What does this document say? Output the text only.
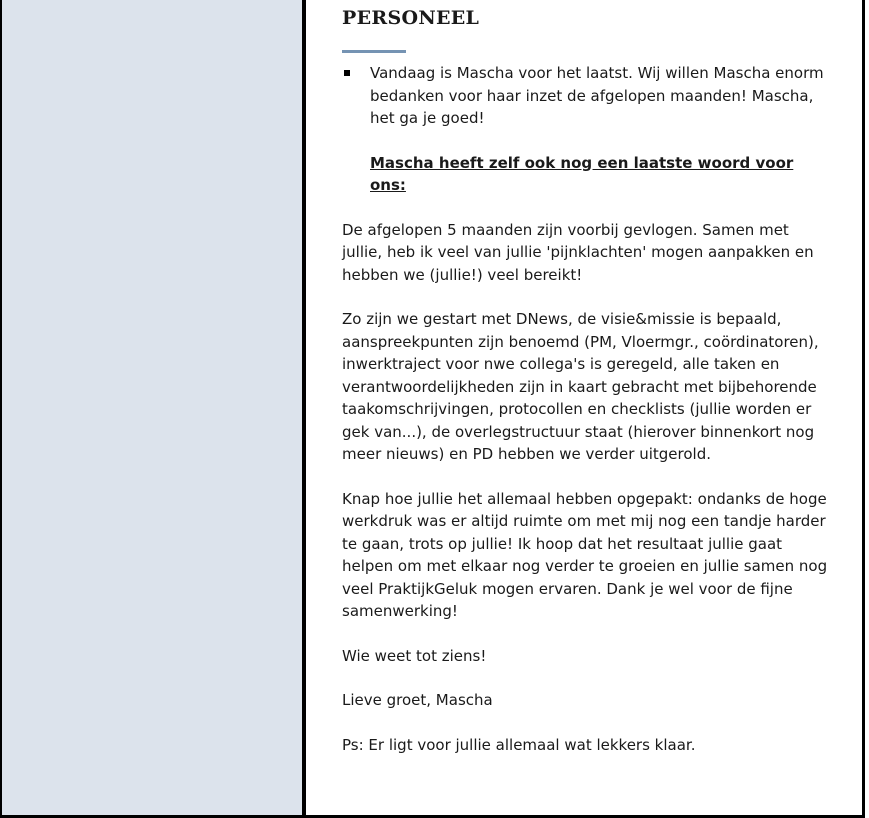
PERSONEEL

Vandaag is Mascha voor het laatst. Wij willen Mascha enorm bedanken voor haar inzet de afgelopen maanden! Mascha, het ga je goed!

Mascha heeft zelf ook nog een laatste woord voor ons:

De afgelopen 5 maanden zijn voorbij gevlogen. Samen met jullie, heb ik veel van jullie 'pijnklachten' mogen aanpakken en hebben we (jullie!) veel bereikt!

Zo zijn we gestart met DNews, de visie&missie is bepaald, aanspreekpunten zijn benoemd (PM, Vloermgr., coördinatoren), inwerktraject voor nwe collega's is geregeld, alle taken en verantwoordelijkheden zijn in kaart gebracht met bijbehorende taakomschrijvingen, protocollen en checklists (jullie worden er gek van...), de overlegstructuur staat (hierover binnenkort nog meer nieuws) en PD hebben we verder uitgerold.

Knap hoe jullie het allemaal hebben opgepakt: ondanks de hoge werkdruk was er altijd ruimte om met mij nog een tandje harder te gaan, trots op jullie! Ik hoop dat het resultaat jullie gaat helpen om met elkaar nog verder te groeien en jullie samen nog veel PraktijkGeluk mogen ervaren. Dank je wel voor de fijne samenwerking!

Wie weet tot ziens!

Lieve groet, Mascha

Ps: Er ligt voor jullie allemaal wat lekkers klaar.
